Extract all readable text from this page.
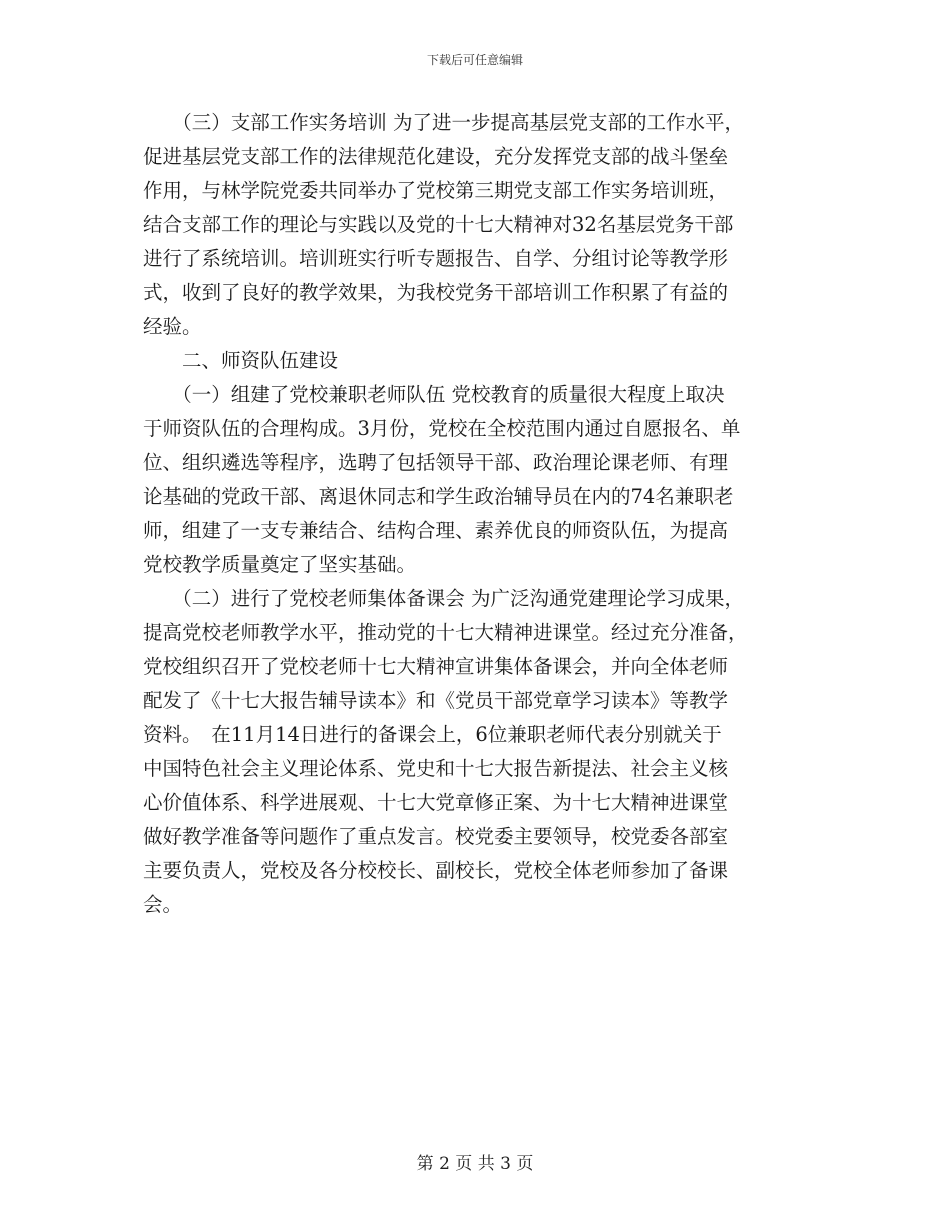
下载后可任意编辑
　　（三）支部工作实务培训 为了进一步提高基层党支部的工作水平，
促进基层党支部工作的法律规范化建设，充分发挥党支部的战斗堡垒
作用，与林学院党委共同举办了党校第三期党支部工作实务培训班，
结合支部工作的理论与实践以及党的十七大精神对32名基层党务干部
进行了系统培训。培训班实行听专题报告、自学、分组讨论等教学形
式，收到了良好的教学效果，为我校党务干部培训工作积累了有益的
经验。
　　二、师资队伍建设
　　（一）组建了党校兼职老师队伍 党校教育的质量很大程度上取决
于师资队伍的合理构成。3月份，党校在全校范围内通过自愿报名、单
位、组织遴选等程序，选聘了包括领导干部、政治理论课老师、有理
论基础的党政干部、离退休同志和学生政治辅导员在内的74名兼职老
师，组建了一支专兼结合、结构合理、素养优良的师资队伍，为提高
党校教学质量奠定了坚实基础。
　　（二）进行了党校老师集体备课会 为广泛沟通党建理论学习成果，
提高党校老师教学水平，推动党的十七大精神进课堂。经过充分准备，
党校组织召开了党校老师十七大精神宣讲集体备课会，并向全体老师
配发了《十七大报告辅导读本》和《党员干部党章学习读本》等教学
资料。　在11月14日进行的备课会上，6位兼职老师代表分别就关于
中国特色社会主义理论体系、党史和十七大报告新提法、社会主义核
心价值体系、科学进展观、十七大党章修正案、为十七大精神进课堂
做好教学准备等问题作了重点发言。校党委主要领导，校党委各部室
主要负责人，党校及各分校校长、副校长，党校全体老师参加了备课
会。
第 2 页 共 3 页
